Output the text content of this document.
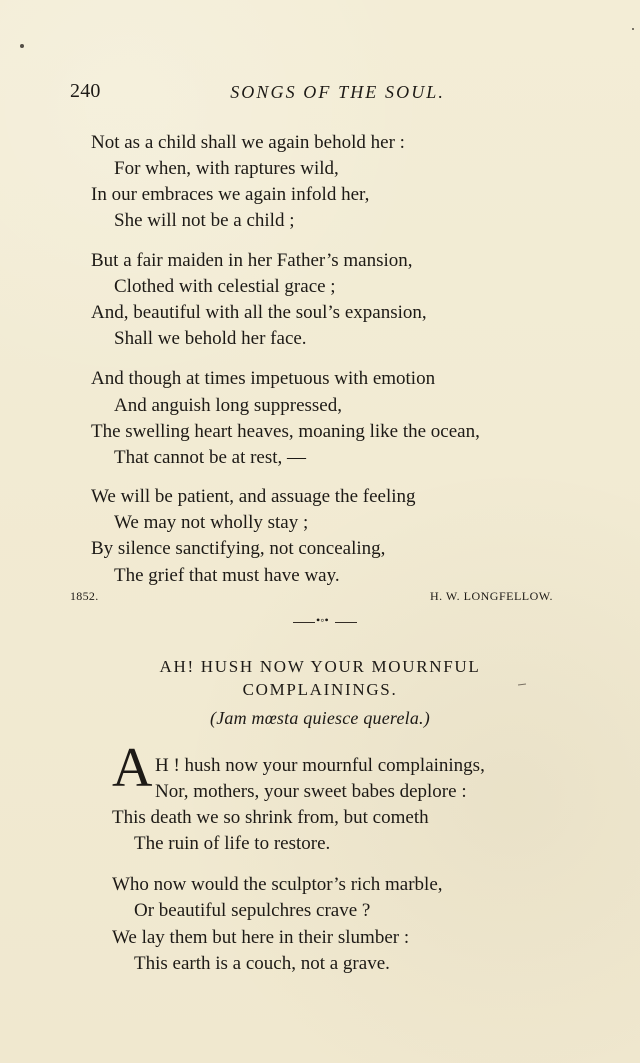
240	SONGS OF THE SOUL.
Not as a child shall we again behold her :
For when, with raptures wild,
In our embraces we again infold her,
She will not be a child ;
But a fair maiden in her Father’s mansion,
Clothed with celestial grace ;
And, beautiful with all the soul’s expansion,
Shall we behold her face.
And though at times impetuous with emotion
And anguish long suppressed,
The swelling heart heaves, moaning like the ocean,
That cannot be at rest, —
We will be patient, and assuage the feeling
We may not wholly stay ;
By silence sanctifying, not concealing,
The grief that must have way.
1852.	H. W. LONGFELLOW.
•◦•
AH! HUSH NOW YOUR MOURNFUL
COMPLAININGS.
(Jam mœsta quiesce querela.)
A H ! hush now your mournful complainings,
Nor, mothers, your sweet babes deplore :
This death we so shrink from, but cometh
The ruin of life to restore.
Who now would the sculptor’s rich marble,
Or beautiful sepulchres crave ?
We lay them but here in their slumber :
This earth is a couch, not a grave.
